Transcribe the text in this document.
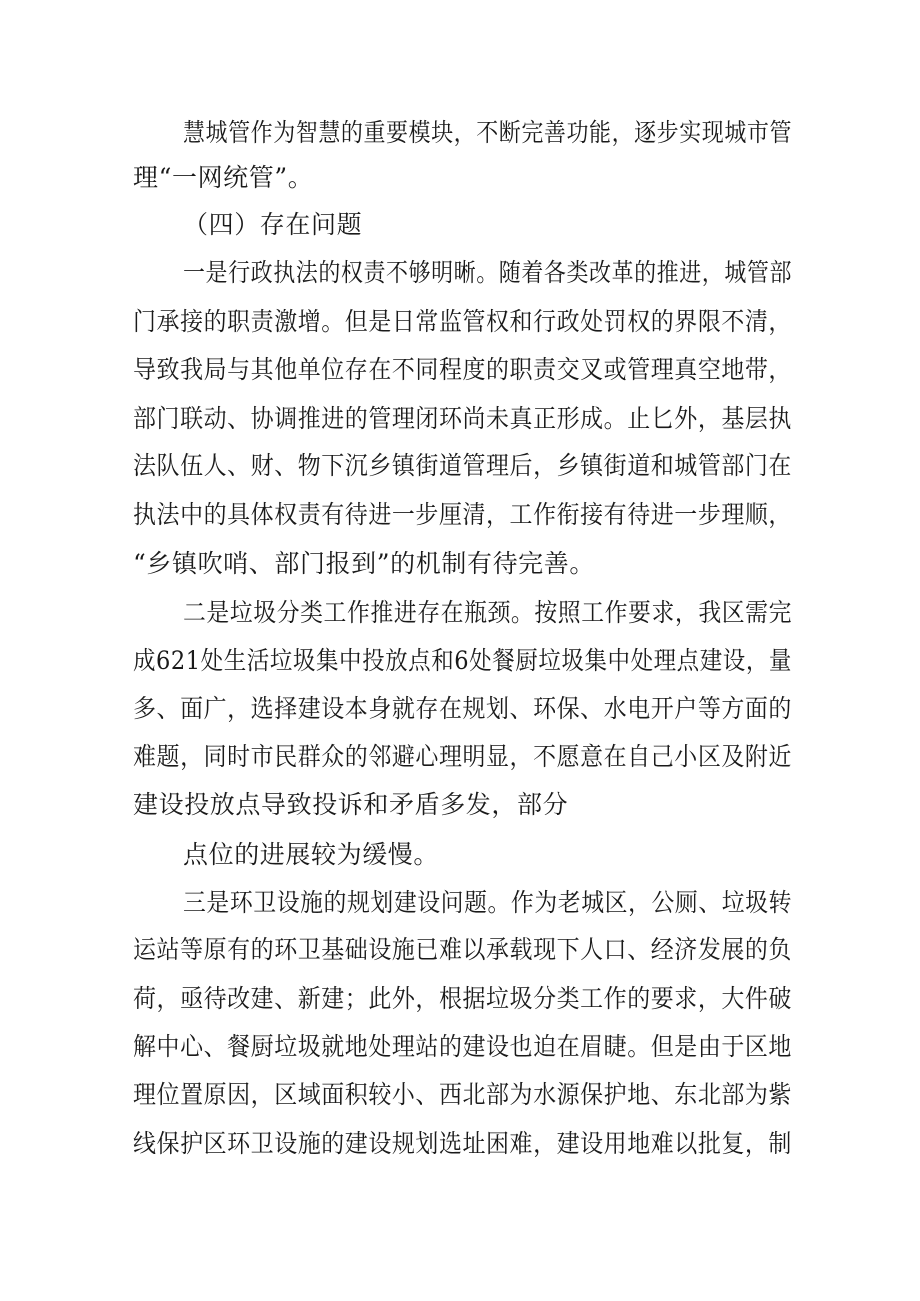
慧城管作为智慧的重要模块，不断完善功能，逐步实现城市管
理“一网统管”。
（四）存在问题
一是行政执法的权责不够明晰。随着各类改革的推进，城管部
门承接的职责激增。但是日常监管权和行政处罚权的界限不清，
导致我局与其他单位存在不同程度的职责交叉或管理真空地带，
部门联动、协调推进的管理闭环尚未真正形成。止匕外，基层执
法队伍人、财、物下沉乡镇街道管理后，乡镇街道和城管部门在
执法中的具体权责有待进一步厘清，工作衔接有待进一步理顺，
“乡镇吹哨、部门报到”的机制有待完善。
二是垃圾分类工作推进存在瓶颈。按照工作要求，我区需完
成621处生活垃圾集中投放点和6处餐厨垃圾集中处理点建设，量
多、面广，选择建设本身就存在规划、环保、水电开户等方面的
难题，同时市民群众的邻避心理明显，不愿意在自己小区及附近
建设投放点导致投诉和矛盾多发，部分
点位的进展较为缓慢。
三是环卫设施的规划建设问题。作为老城区，公厕、垃圾转
运站等原有的环卫基础设施已难以承载现下人口、经济发展的负
荷，亟待改建、新建；此外，根据垃圾分类工作的要求，大件破
解中心、餐厨垃圾就地处理站的建设也迫在眉睫。但是由于区地
理位置原因，区域面积较小、西北部为水源保护地、东北部为紫
线保护区环卫设施的建设规划选址困难，建设用地难以批复，制
